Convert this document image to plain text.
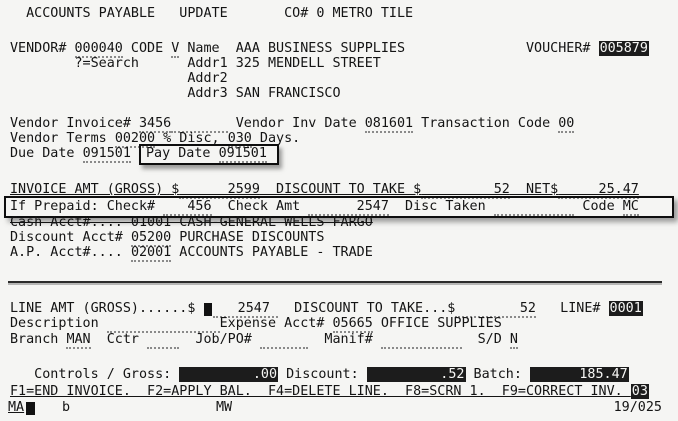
ACCOUNTS PAYABLE   UPDATE       CO# 0 METRO TILE
VENDOR# 000040 CODE V Name  AAA BUSINESS SUPPLIES	VOUCHER# 005879
?=Search	Addr1 325 MENDELL STREET
Addr2
Addr3 SAN FRANCISCO
Vendor Invoice# 3456	Vendor Inv Date 081601 Transaction Code 00
Vendor Terms 00200 % Disc, 030 Days.
Due Date 091501 Pay Date 091501
INVOICE AMT (GROSS) $      2599  DISCOUNT TO TAKE $         52  NET$     25.47
If Prepaid: Check#    456  Check Amt       2547  Disc Taken	Code MC
Cash Acct#.... 01001 CASH-GENERAL WELLS FARGO
Discount Acct# 05200 PURCHASE DISCOUNTS
A.P. Acct#.... 02001 ACCOUNTS PAYABLE - TRADE
LINE AMT (GROSS)......$    2547   DISCOUNT TO TAKE...$        52   LINE# 0001
Description	Expense Acct# 05665 OFFICE SUPPLIES
Branch MAN  Cctr       Job/PO#	Manif#	S/D N
Controls / Gross:          .00 Discount:          .52 Batch:       185.47
F1=END INVOICE.  F2=APPLY BAL.  F4=DELETE LINE.  F8=SCRN 1.  F9=CORRECT INV. 03
MA	b	MW	19/025
